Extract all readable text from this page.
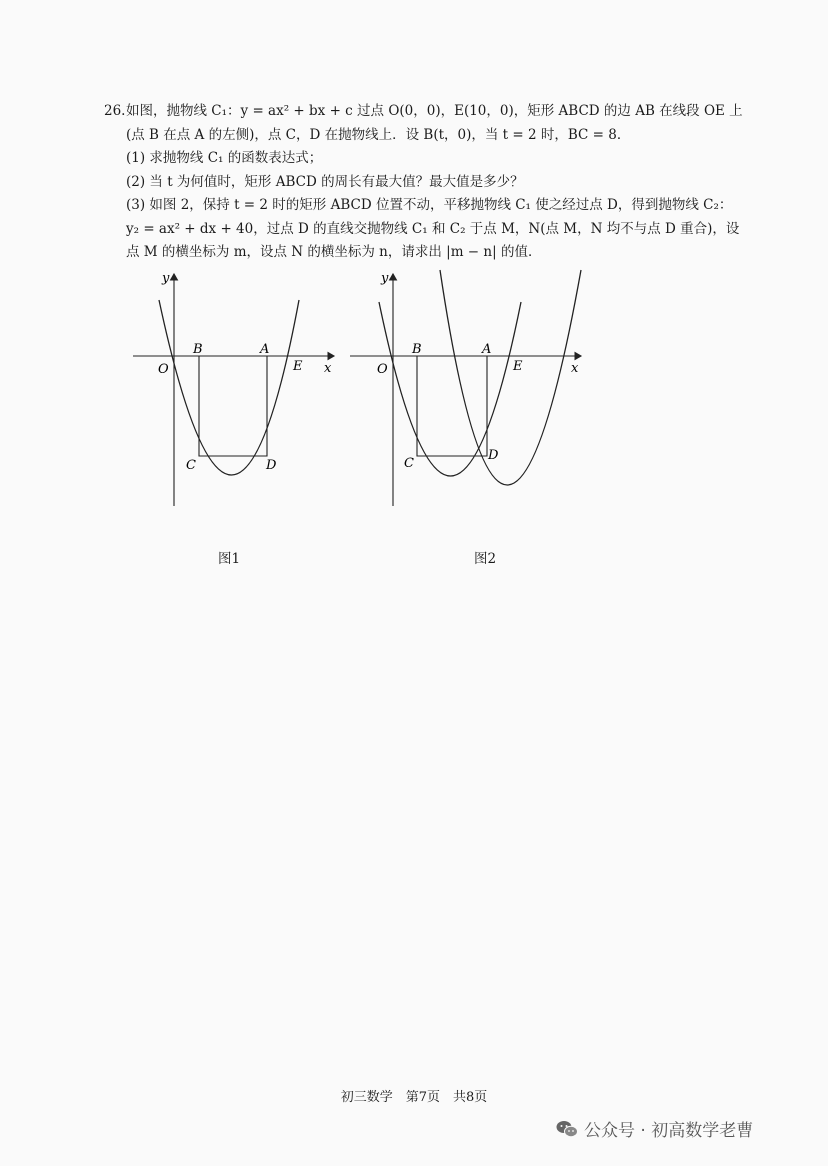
26.如图，抛物线 C₁：y = ax² + bx + c 过点 O(0，0)，E(10，0)，矩形 ABCD 的边 AB 在线段 OE 上
(点 B 在点 A 的左侧)，点 C，D 在抛物线上．设 B(t，0)，当 t = 2 时，BC = 8．
(1) 求抛物线 C₁ 的函数表达式；
(2) 当 t 为何值时，矩形 ABCD 的周长有最大值？最大值是多少？
(3) 如图 2，保持 t = 2 时的矩形 ABCD 位置不动，平移抛物线 C₁ 使之经过点 D，得到抛物线 C₂：
y₂ = ax² + dx + 40，过点 D 的直线交抛物线 C₁ 和 C₂ 于点 M，N(点 M，N 均不与点 D 重合)，设
点 M 的横坐标为 m，设点 N 的横坐标为 n，请求出 |m − n| 的值．
y
x
O
B	A
E
C	D
图1
y
x
O
B	A
E
C
D
图2
初三数学　第7页　共8页
公众号 · 初高数学老曹
